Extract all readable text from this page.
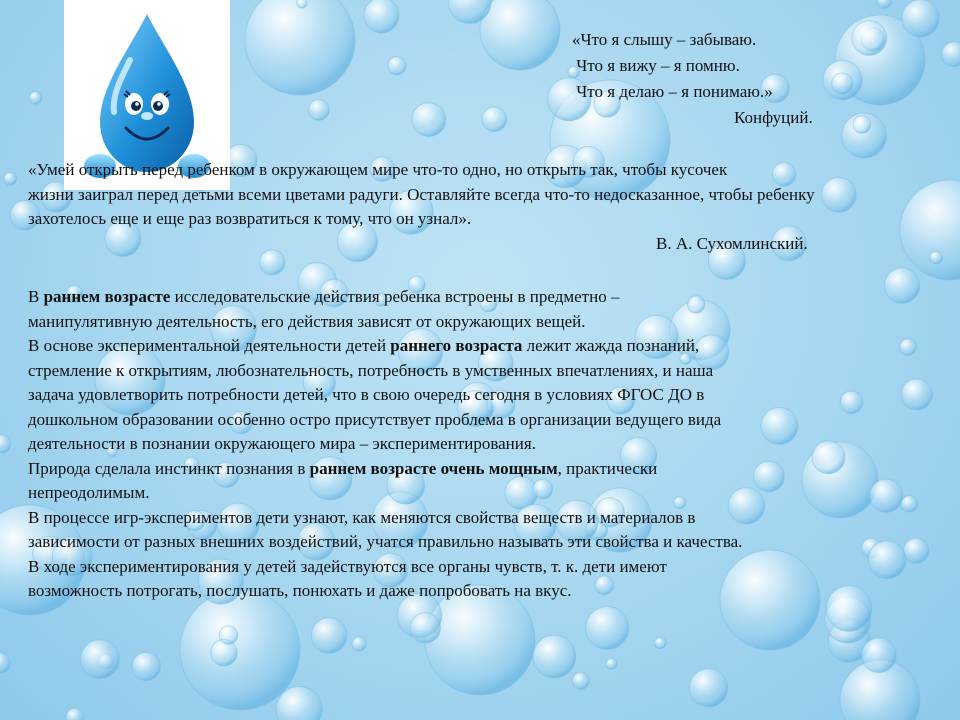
«Что я слышу – забываю.
Что я вижу – я помню.
Что я делаю – я понимаю.»
Конфуций.
«Умей открыть перед ребенком в окружающем мире что-то одно, но открыть так, чтобы кусочек
жизни заиграл перед детьми всеми цветами радуги. Оставляйте всегда что-то недосказанное, чтобы ребенку
захотелось еще и еще раз возвратиться к тому, что он узнал».
В. А. Сухомлинский.
В раннем возрасте исследовательские действия ребенка встроены в предметно –
манипулятивную деятельность, его действия зависят от окружающих вещей.
В основе экспериментальной деятельности детей раннего возраста лежит жажда познаний,
стремление к открытиям, любознательность, потребность в умственных впечатлениях, и наша
задача удовлетворить потребности детей, что в свою очередь сегодня в условиях ФГОС ДО в
дошкольном образовании особенно остро присутствует проблема в организации ведущего вида
деятельности в познании окружающего мира – экспериментирования.
Природа сделала инстинкт познания в раннем возрасте очень мощным, практически
непреодолимым.
В процессе игр-экспериментов дети узнают, как меняются свойства веществ и материалов в
зависимости от разных внешних воздействий, учатся правильно называть эти свойства и качества.
В ходе экспериментирования у детей задействуются все органы чувств, т. к. дети имеют
возможность потрогать, послушать, понюхать и даже попробовать на вкус.
